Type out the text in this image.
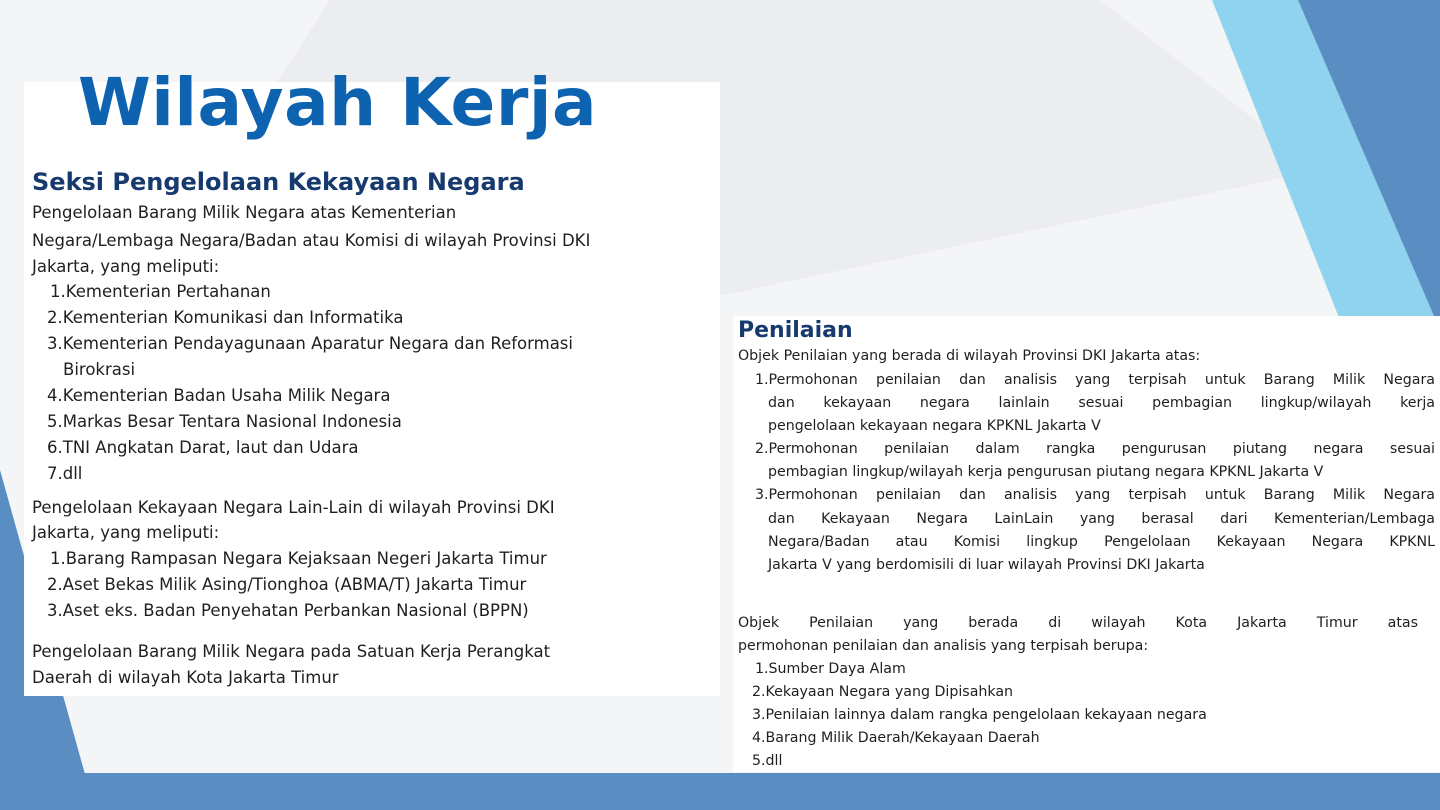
Wilayah Kerja
Seksi Pengelolaan Kekayaan Negara
Pengelolaan Barang Milik Negara atas Kementerian
Negara/Lembaga Negara/Badan atau Komisi di wilayah Provinsi DKI
Jakarta, yang meliputi:
1.Kementerian Pertahanan
2.Kementerian Komunikasi dan Informatika
3.Kementerian Pendayagunaan Aparatur Negara dan Reformasi
Birokrasi
4.Kementerian Badan Usaha Milik Negara
5.Markas Besar Tentara Nasional Indonesia
6.TNI Angkatan Darat, laut dan Udara
7.dll
Pengelolaan Kekayaan Negara Lain-Lain di wilayah Provinsi DKI
Jakarta, yang meliputi:
1.Barang Rampasan Negara Kejaksaan Negeri Jakarta Timur
2.Aset Bekas Milik Asing/Tionghoa (ABMA/T) Jakarta Timur
3.Aset eks. Badan Penyehatan Perbankan Nasional (BPPN)
Pengelolaan Barang Milik Negara pada Satuan Kerja Perangkat
Daerah di wilayah Kota Jakarta Timur
Penilaian
Objek Penilaian yang berada di wilayah Provinsi DKI Jakarta atas:
1.Permohonan penilaian dan analisis yang terpisah untuk Barang Milik Negara
dan kekayaan negara lainlain sesuai pembagian lingkup/wilayah kerja
pengelolaan kekayaan negara KPKNL Jakarta V
2.Permohonan penilaian dalam rangka pengurusan piutang negara sesuai
pembagian lingkup/wilayah kerja pengurusan piutang negara KPKNL Jakarta V
3.Permohonan penilaian dan analisis yang terpisah untuk Barang Milik Negara
dan Kekayaan Negara LainLain yang berasal dari Kementerian/Lembaga
Negara/Badan atau Komisi lingkup Pengelolaan Kekayaan Negara KPKNL
Jakarta V yang berdomisili di luar wilayah Provinsi DKI Jakarta
Objek Penilaian yang berada di wilayah Kota Jakarta Timur atas
permohonan penilaian dan analisis yang terpisah berupa:
1.Sumber Daya Alam
2.Kekayaan Negara yang Dipisahkan
3.Penilaian lainnya dalam rangka pengelolaan kekayaan negara
4.Barang Milik Daerah/Kekayaan Daerah
5.dll
